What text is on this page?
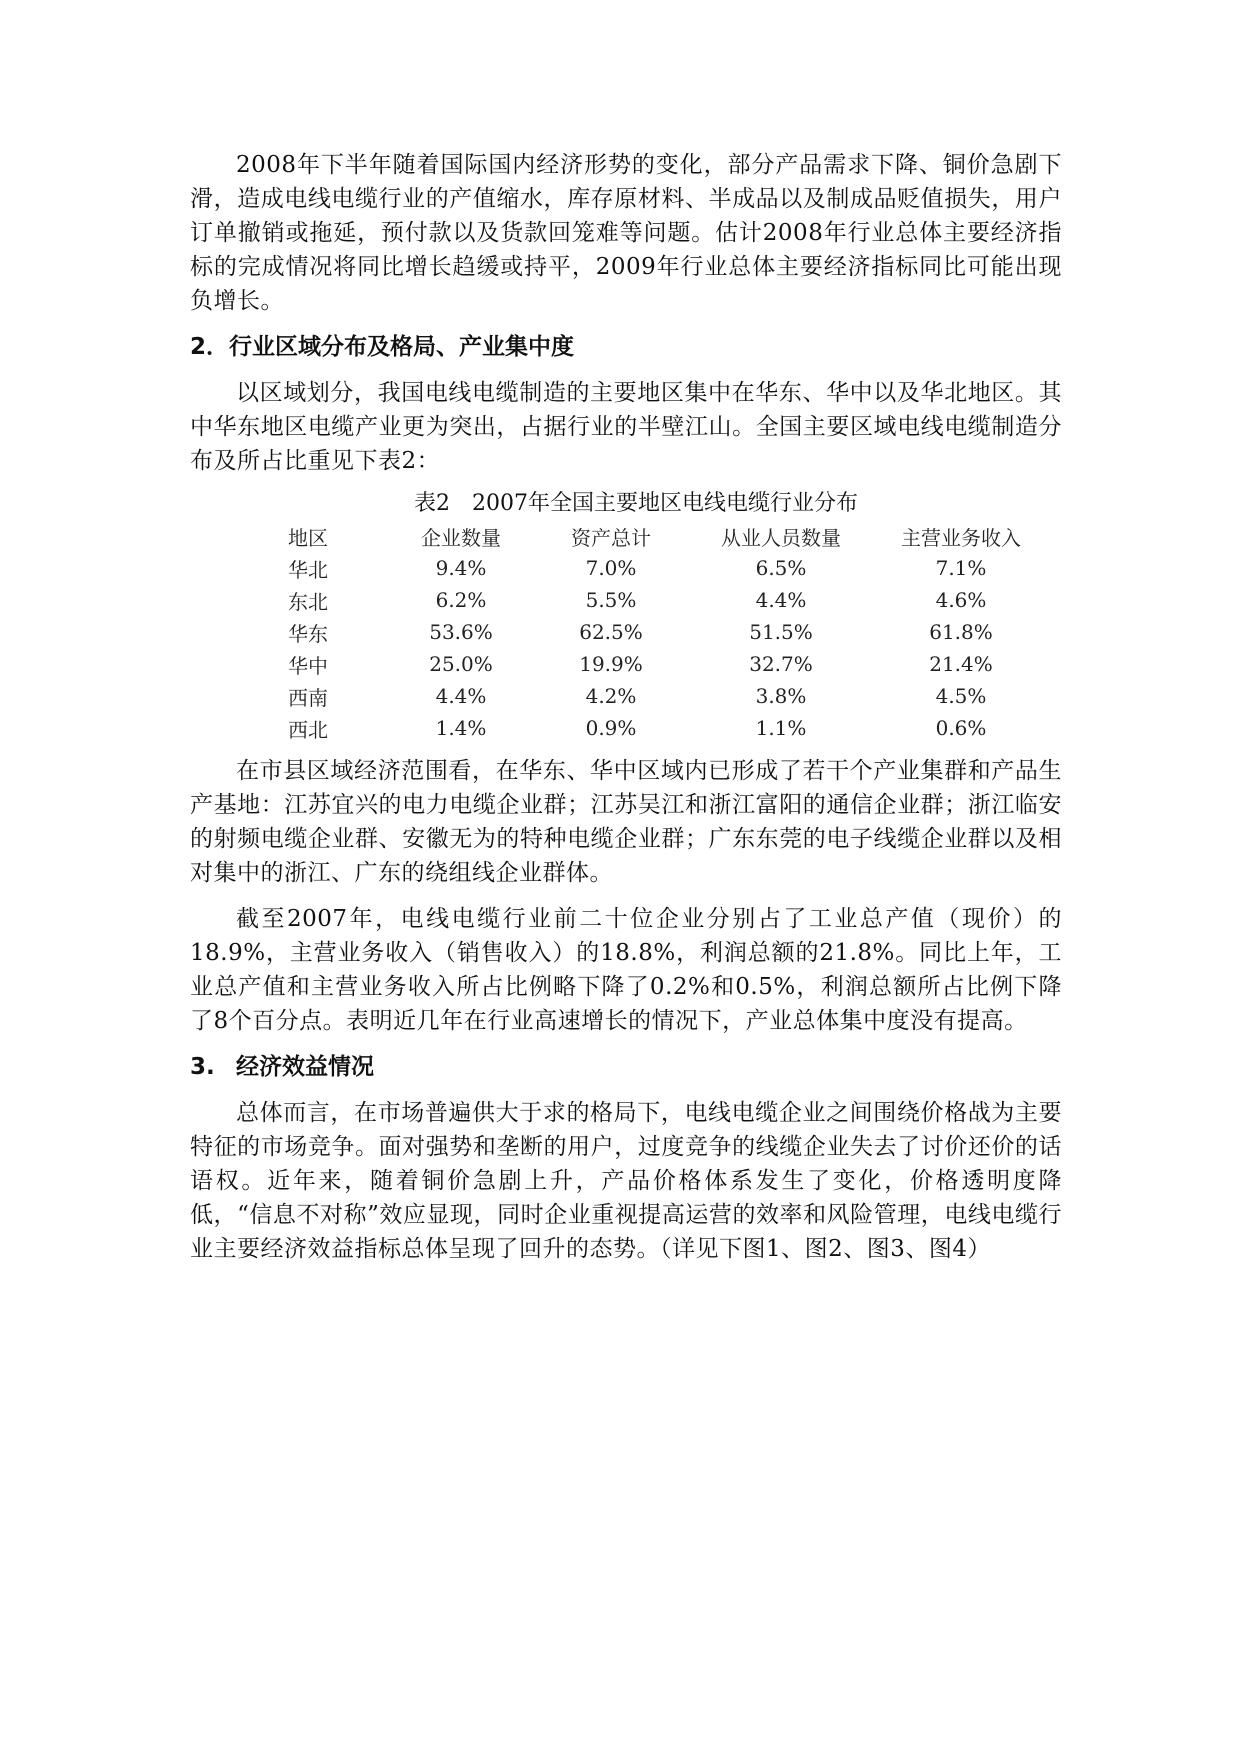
2008年下半年随着国际国内经济形势的变化，部分产品需求下降、铜价急剧下滑，造成电线电缆行业的产值缩水，库存原材料、半成品以及制成品贬值损失，用户订单撤销或拖延，预付款以及货款回笼难等问题。估计2008年行业总体主要经济指标的完成情况将同比增长趋缓或持平，2009年行业总体主要经济指标同比可能出现负增长。

2．行业区域分布及格局、产业集中度

以区域划分，我国电线电缆制造的主要地区集中在华东、华中以及华北地区。其中华东地区电缆产业更为突出，占据行业的半壁江山。全国主要区域电线电缆制造分布及所占比重见下表2：

表2　2007年全国主要地区电线电缆行业分布

地区	企业数量	资产总计	从业人员数量	主营业务收入
华北	9.4%	7.0%	6.5%	7.1%
东北	6.2%	5.5%	4.4%	4.6%
华东	53.6%	62.5%	51.5%	61.8%
华中	25.0%	19.9%	32.7%	21.4%
西南	4.4%	4.2%	3.8%	4.5%
西北	1.4%	0.9%	1.1%	0.6%

在市县区域经济范围看，在华东、华中区域内已形成了若干个产业集群和产品生产基地：江苏宜兴的电力电缆企业群；江苏吴江和浙江富阳的通信企业群；浙江临安的射频电缆企业群、安徽无为的特种电缆企业群；广东东莞的电子线缆企业群以及相对集中的浙江、广东的绕组线企业群体。

截至2007年，电线电缆行业前二十位企业分别占了工业总产值（现价）的18.9%，主营业务收入（销售收入）的18.8%，利润总额的21.8%。同比上年，工业总产值和主营业务收入所占比例略下降了0.2%和0.5%，利润总额所占比例下降了8个百分点。表明近几年在行业高速增长的情况下，产业总体集中度没有提高。

3. 经济效益情况

总体而言，在市场普遍供大于求的格局下，电线电缆企业之间围绕价格战为主要特征的市场竞争。面对强势和垄断的用户，过度竞争的线缆企业失去了讨价还价的话语权。近年来，随着铜价急剧上升，产品价格体系发生了变化，价格透明度降低，“信息不对称”效应显现，同时企业重视提高运营的效率和风险管理，电线电缆行业主要经济效益指标总体呈现了回升的态势。（详见下图1、图2、图3、图4）
